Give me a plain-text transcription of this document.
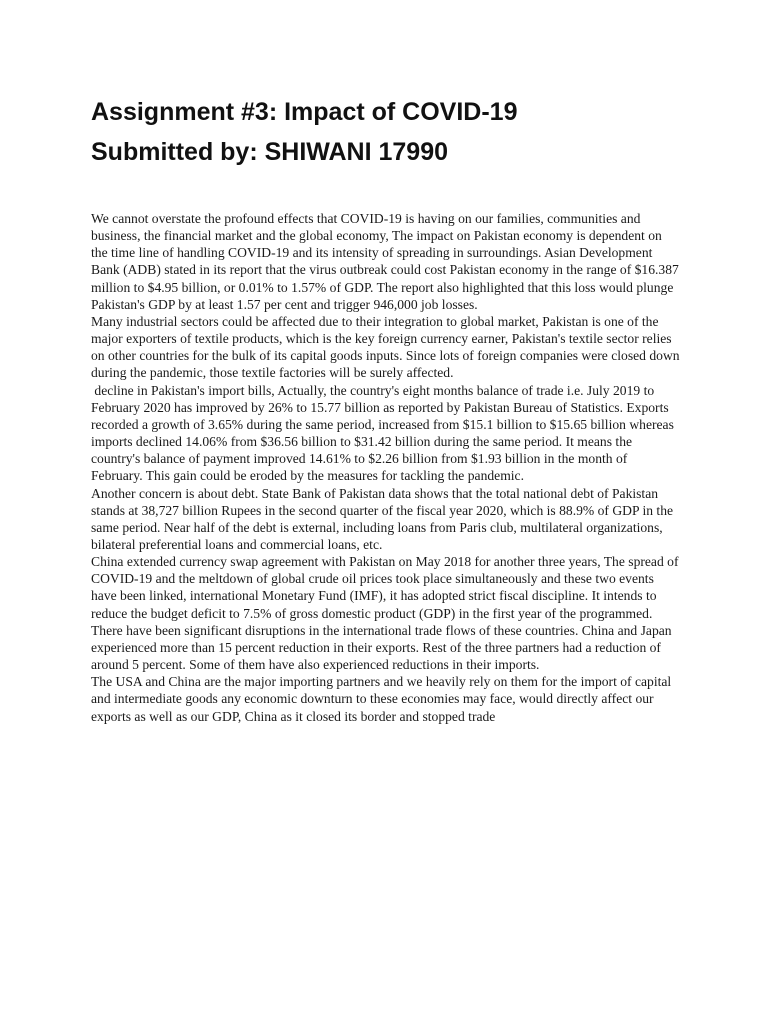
Assignment #3: Impact of COVID-19
Submitted by: SHIWANI 17990

We cannot overstate the profound effects that COVID-19 is having on our families, communities and business, the financial market and the global economy, The impact on Pakistan economy is dependent on the time line of handling COVID-19 and its intensity of spreading in surroundings. Asian Development Bank (ADB) stated in its report that the virus outbreak could cost Pakistan economy in the range of $16.387 million to $4.95 billion, or 0.01% to 1.57% of GDP. The report also highlighted that this loss would plunge Pakistan's GDP by at least 1.57 per cent and trigger 946,000 job losses.

Many industrial sectors could be affected due to their integration to global market, Pakistan is one of the major exporters of textile products, which is the key foreign currency earner, Pakistan's textile sector relies on other countries for the bulk of its capital goods inputs. Since lots of foreign companies were closed down during the pandemic, those textile factories will be surely affected.

decline in Pakistan's import bills, Actually, the country's eight months balance of trade i.e. July 2019 to February 2020 has improved by 26% to 15.77 billion as reported by Pakistan Bureau of Statistics. Exports recorded a growth of 3.65% during the same period, increased from $15.1 billion to $15.65 billion whereas imports declined 14.06% from $36.56 billion to $31.42 billion during the same period. It means the country's balance of payment improved 14.61% to $2.26 billion from $1.93 billion in the month of February. This gain could be eroded by the measures for tackling the pandemic.

Another concern is about debt. State Bank of Pakistan data shows that the total national debt of Pakistan stands at 38,727 billion Rupees in the second quarter of the fiscal year 2020, which is 88.9% of GDP in the same period. Near half of the debt is external, including loans from Paris club, multilateral organizations, bilateral preferential loans and commercial loans, etc.

China extended currency swap agreement with Pakistan on May 2018 for another three years, The spread of COVID-19 and the meltdown of global crude oil prices took place simultaneously and these two events have been linked, international Monetary Fund (IMF), it has adopted strict fiscal discipline. It intends to reduce the budget deficit to 7.5% of gross domestic product (GDP) in the first year of the programmed.

There have been significant disruptions in the international trade flows of these countries. China and Japan experienced more than 15 percent reduction in their exports. Rest of the three partners had a reduction of around 5 percent. Some of them have also experienced reductions in their imports.

The USA and China are the major importing partners and we heavily rely on them for the import of capital and intermediate goods any economic downturn to these economies may face, would directly affect our exports as well as our GDP, China as it closed its border and stopped trade
